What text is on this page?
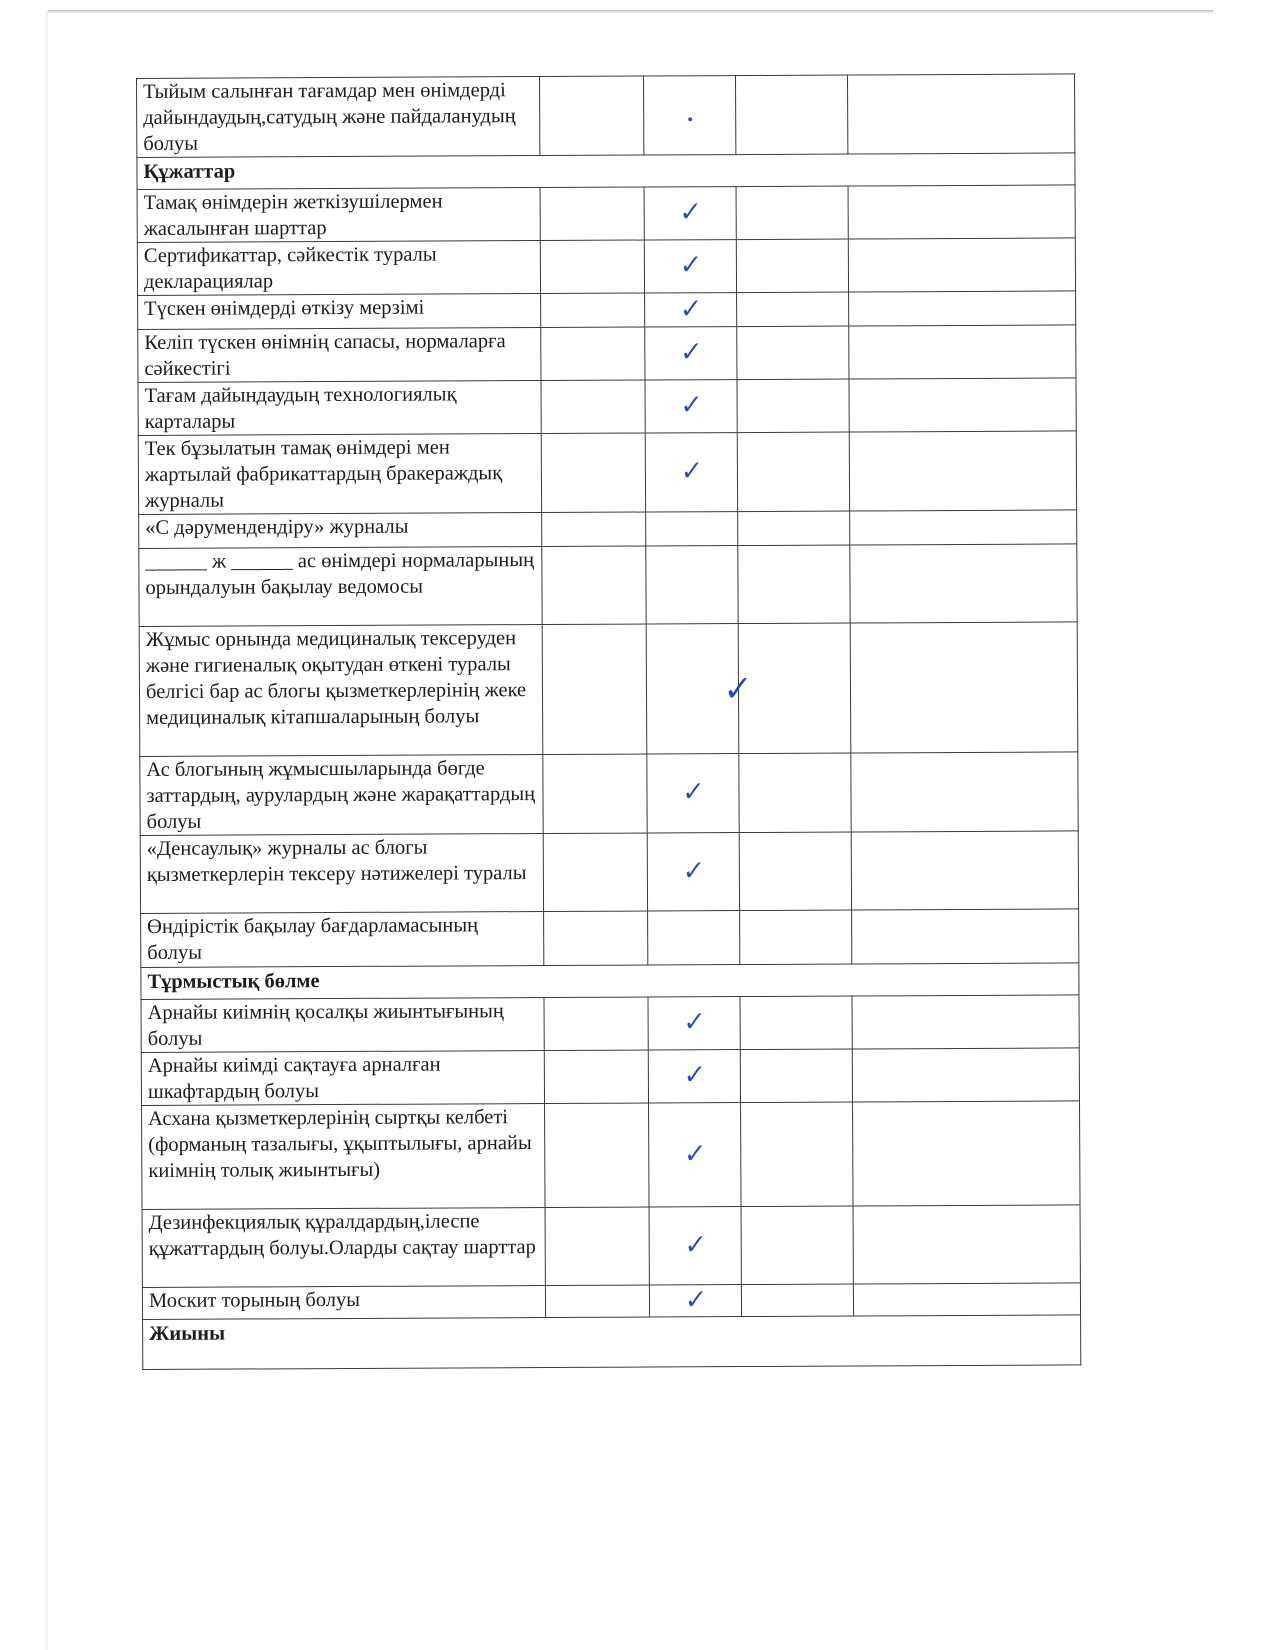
Тыйым салынған тағамдар мен өнімдерді дайындаудың,сатудың және пайдаланудың болуы				
Құжаттар				
Тамақ өнімдерін жеткізушілермен жасалынған шарттар		✓		
Сертификаттар, сәйкестік туралы декларациялар		✓		
Түскен өнімдерді өткізу мерзімі		✓		
Келіп түскен өнімнің сапасы, нормаларға сәйкестігі		✓		
Тағам дайындаудың технологиялық карталары		✓		
Тек бұзылатын тамақ өнімдері мен жартылай фабрикаттардың бракераждық журналы		✓		
«С дәрумендендіру» журналы				
______ ж ______ ас өнімдері нормаларының орындалуын бақылау ведомосы				
Жұмыс орнында медициналық тексеруден және гигиеналық оқытудан өткені туралы белгісі бар ас блогы қызметкерлерінің жеке медициналық кітапшаларының болуы		✓		

Ас блогының жұмысшыларында бөгде заттардың, аурулардың және жарақаттардың болуы		✓		
«Денсаулық» журналы ас блогы қызметкерлерін тексеру нәтижелері туралы		✓		
Өндірістік бақылау бағдарламасының болуы				
Тұрмыстық бөлме				
Арнайы киімнің қосалқы жиынтығының болуы		✓		
Арнайы киімді сақтауға арналған шкафтардың болуы		✓		
Асхана қызметкерлерінің сыртқы келбеті (форманың тазалығы, ұқыптылығы, арнайы киімнің толық жиынтығы)		✓		
Дезинфекциялық құралдардың,ілеспе құжаттардың болуы.Оларды сақтау шарттар		✓		
Москит торының болуы		✓		
Жиыны				
